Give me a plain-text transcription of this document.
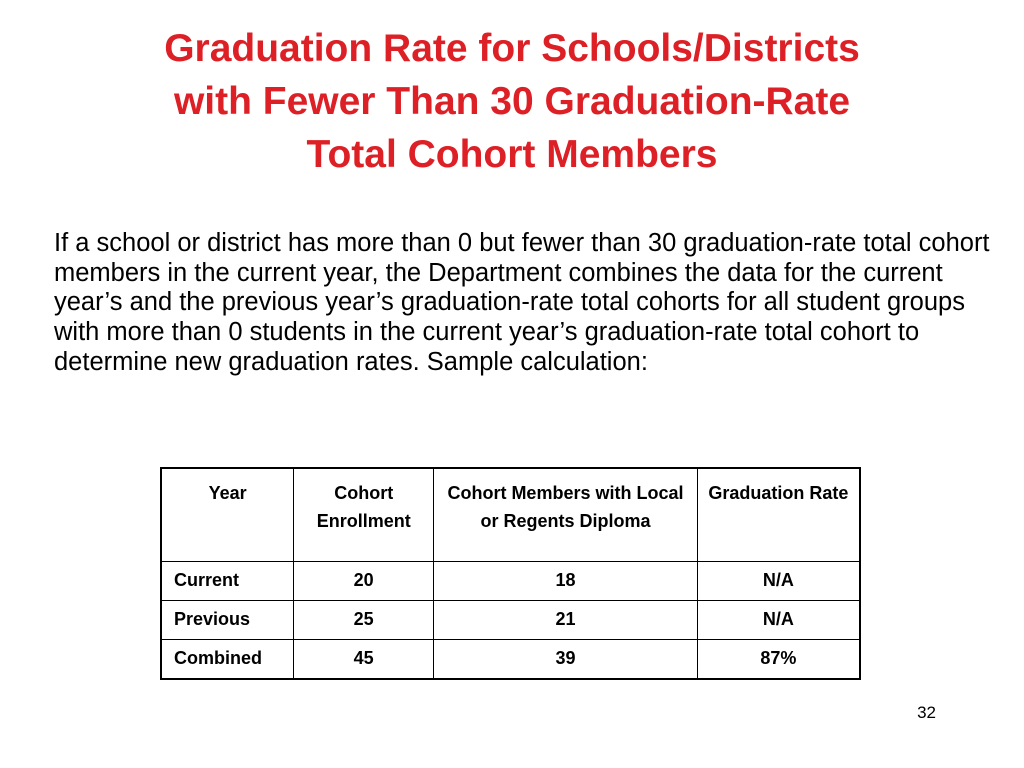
Graduation Rate for Schools/Districts
with Fewer Than 30 Graduation-Rate
Total Cohort Members

If a school or district has more than 0 but fewer than 30 graduation-rate total cohort members in the current year, the Department combines the data for the current year’s and the previous year’s graduation-rate total cohorts for all student groups with more than 0 students in the current year’s graduation-rate total cohort to determine new graduation rates. Sample calculation:

Year	Cohort Enrollment	Cohort Members with Local or Regents Diploma	Graduation Rate
Current	20	18	N/A
Previous	25	21	N/A
Combined	45	39	87%
32
